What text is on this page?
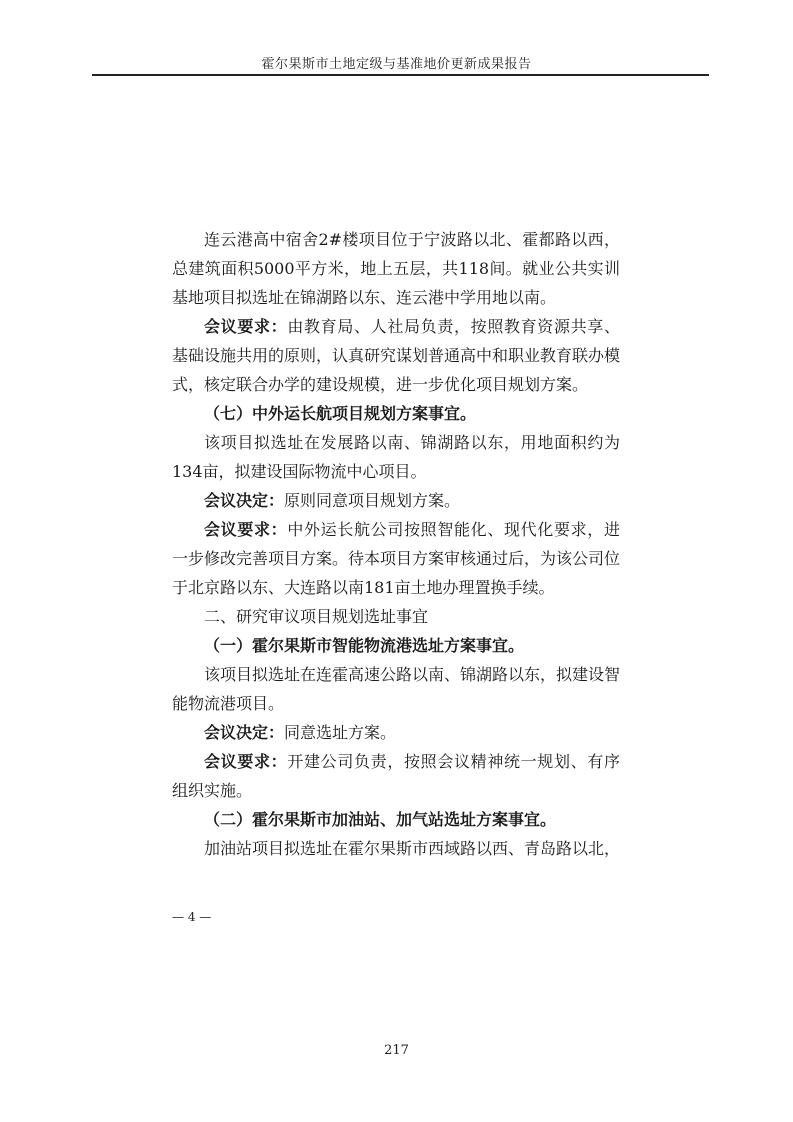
霍尔果斯市土地定级与基准地价更新成果报告

连云港高中宿舍2#楼项目位于宁波路以北、霍都路以西，总建筑面积5000平方米，地上五层，共118间。就业公共实训基地项目拟选址在锦湖路以东、连云港中学用地以南。

会议要求：由教育局、人社局负责，按照教育资源共享、基础设施共用的原则，认真研究谋划普通高中和职业教育联办模式，核定联合办学的建设规模，进一步优化项目规划方案。

（七）中外运长航项目规划方案事宜。

该项目拟选址在发展路以南、锦湖路以东，用地面积约为134亩，拟建设国际物流中心项目。

会议决定：原则同意项目规划方案。

会议要求：中外运长航公司按照智能化、现代化要求，进一步修改完善项目方案。待本项目方案审核通过后，为该公司位于北京路以东、大连路以南181亩土地办理置换手续。

二、研究审议项目规划选址事宜

（一）霍尔果斯市智能物流港选址方案事宜。

该项目拟选址在连霍高速公路以南、锦湖路以东，拟建设智能物流港项目。

会议决定：同意选址方案。

会议要求：开建公司负责，按照会议精神统一规划、有序组织实施。

（二）霍尔果斯市加油站、加气站选址方案事宜。

加油站项目拟选址在霍尔果斯市西域路以西、青岛路以北，

— 4 —
217
